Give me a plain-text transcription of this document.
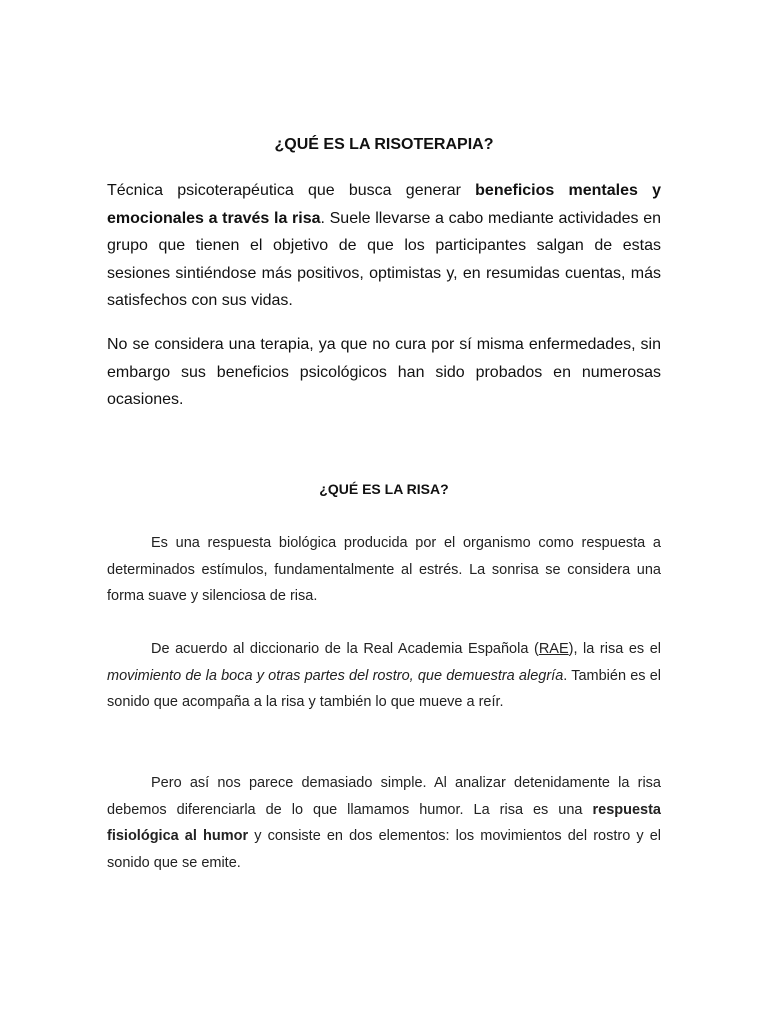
¿QUÉ ES LA RISOTERAPIA?

Técnica psicoterapéutica que busca generar beneficios mentales y emocionales a través la risa. Suele llevarse a cabo mediante actividades en grupo que tienen el objetivo de que los participantes salgan de estas sesiones sintiéndose más positivos, optimistas y, en resumidas cuentas, más satisfechos con sus vidas.

No se considera una terapia, ya que no cura por sí misma enfermedades, sin embargo sus beneficios psicológicos han sido probados en numerosas ocasiones.

¿QUÉ ES LA RISA?

Es una respuesta biológica producida por el organismo como respuesta a determinados estímulos, fundamentalmente al estrés. La sonrisa se considera una forma suave y silenciosa de risa.

De acuerdo al diccionario de la Real Academia Española (RAE), la risa es el movimiento de la boca y otras partes del rostro, que demuestra alegría. También es el sonido que acompaña a la risa y también lo que mueve a reír.

Pero así nos parece demasiado simple. Al analizar detenidamente la risa debemos diferenciarla de lo que llamamos humor. La risa es una respuesta fisiológica al humor y consiste en dos elementos: los movimientos del rostro y el sonido que se emite.
